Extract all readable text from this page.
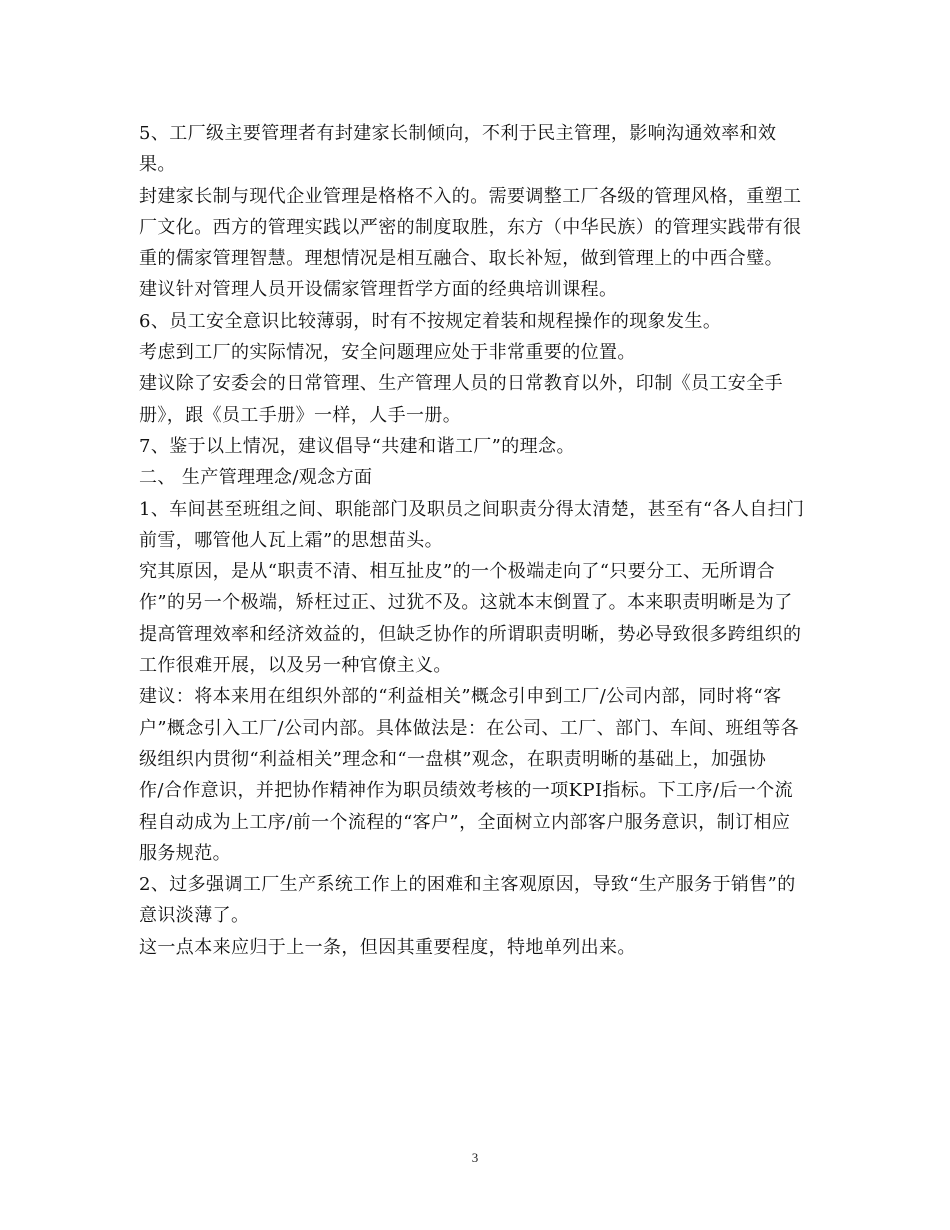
5、工厂级主要管理者有封建家长制倾向，不利于民主管理，影响沟通效率和效
果。
封建家长制与现代企业管理是格格不入的。需要调整工厂各级的管理风格，重塑工
厂文化。西方的管理实践以严密的制度取胜，东方（中华民族）的管理实践带有很
重的儒家管理智慧。理想情况是相互融合、取长补短，做到管理上的中西合璧。
建议针对管理人员开设儒家管理哲学方面的经典培训课程。
6、员工安全意识比较薄弱，时有不按规定着装和规程操作的现象发生。
考虑到工厂的实际情况，安全问题理应处于非常重要的位置。
建议除了安委会的日常管理、生产管理人员的日常教育以外，印制《员工安全手
册》，跟《员工手册》一样，人手一册。
7、鉴于以上情况，建议倡导“共建和谐工厂”的理念。
二、 生产管理理念/观念方面
1、车间甚至班组之间、职能部门及职员之间职责分得太清楚，甚至有“各人自扫门
前雪，哪管他人瓦上霜”的思想苗头。
究其原因，是从“职责不清、相互扯皮”的一个极端走向了“只要分工、无所谓合
作”的另一个极端，矫枉过正、过犹不及。这就本末倒置了。本来职责明晰是为了
提高管理效率和经济效益的，但缺乏协作的所谓职责明晰，势必导致很多跨组织的
工作很难开展，以及另一种官僚主义。
建议：将本来用在组织外部的“利益相关”概念引申到工厂/公司内部，同时将“客
户”概念引入工厂/公司内部。具体做法是：在公司、工厂、部门、车间、班组等各
级组织内贯彻“利益相关”理念和“一盘棋”观念，在职责明晰的基础上，加强协
作/合作意识，并把协作精神作为职员绩效考核的一项KPI指标。下工序/后一个流
程自动成为上工序/前一个流程的“客户”，全面树立内部客户服务意识，制订相应
服务规范。
2、过多强调工厂生产系统工作上的困难和主客观原因，导致“生产服务于销售”的
意识淡薄了。
这一点本来应归于上一条，但因其重要程度，特地单列出来。
3
